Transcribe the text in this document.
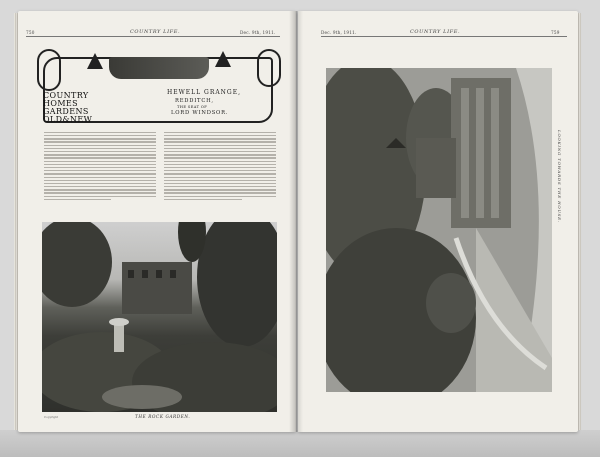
750	COUNTRY LIFE.	Dec. 9th, 1911.
COUNTRY
HOMES
GARDENS
OLD&NEW
HEWELL GRANGE,
REDDITCH,
THE SEAT OF
LORD WINDSOR.
Copyright	THE ROCK GARDEN.
Dec. 9th, 1911.	COUNTRY LIFE.	759
LOOKING TOWARDS THE HOUSE.
